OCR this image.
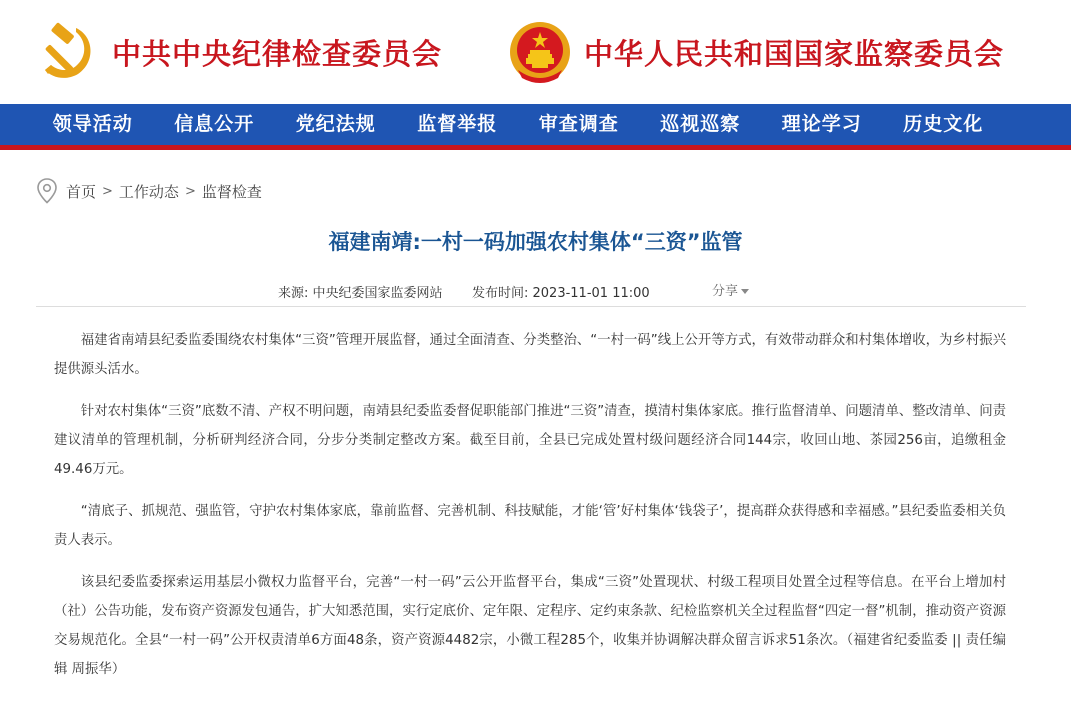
中共中央纪律检查委员会	中华人民共和国国家监察委员会
领导活动	信息公开	党纪法规	监督举报	审查调查	巡视巡察	理论学习	历史文化
首页 > 工作动态 > 监督检查
福建南靖:一村一码加强农村集体“三资”监管
来源: 中央纪委国家监委网站 发布时间: 2023-11-01 11:00	分享

福建省南靖县纪委监委围绕农村集体“三资”管理开展监督，通过全面清查、分类整治、“一村一码”线上公开等方式，有效带动群众和村集体增收，为乡村振兴提供源头活水。

针对农村集体“三资”底数不清、产权不明问题，南靖县纪委监委督促职能部门推进“三资”清查，摸清村集体家底。推行监督清单、问题清单、整改清单、问责建议清单的管理机制，分析研判经济合同，分步分类制定整改方案。截至目前，全县已完成处置村级问题经济合同144宗，收回山地、茶园256亩，追缴租金49.46万元。

“清底子、抓规范、强监管，守护农村集体家底，靠前监督、完善机制、科技赋能，才能‘管’好村集体‘钱袋子’，提高群众获得感和幸福感。”县纪委监委相关负责人表示。

该县纪委监委探索运用基层小微权力监督平台，完善“一村一码”云公开监督平台，集成“三资”处置现状、村级工程项目处置全过程等信息。在平台上增加村（社）公告功能，发布资产资源发包通告，扩大知悉范围，实行定底价、定年限、定程序、定约束条款、纪检监察机关全过程监督“四定一督”机制，推动资产资源交易规范化。全县“一村一码”公开权责清单6方面48条，资产资源4482宗，小微工程285个，收集并协调解决群众留言诉求51条次。（福建省纪委监委 || 责任编辑 周振华）
